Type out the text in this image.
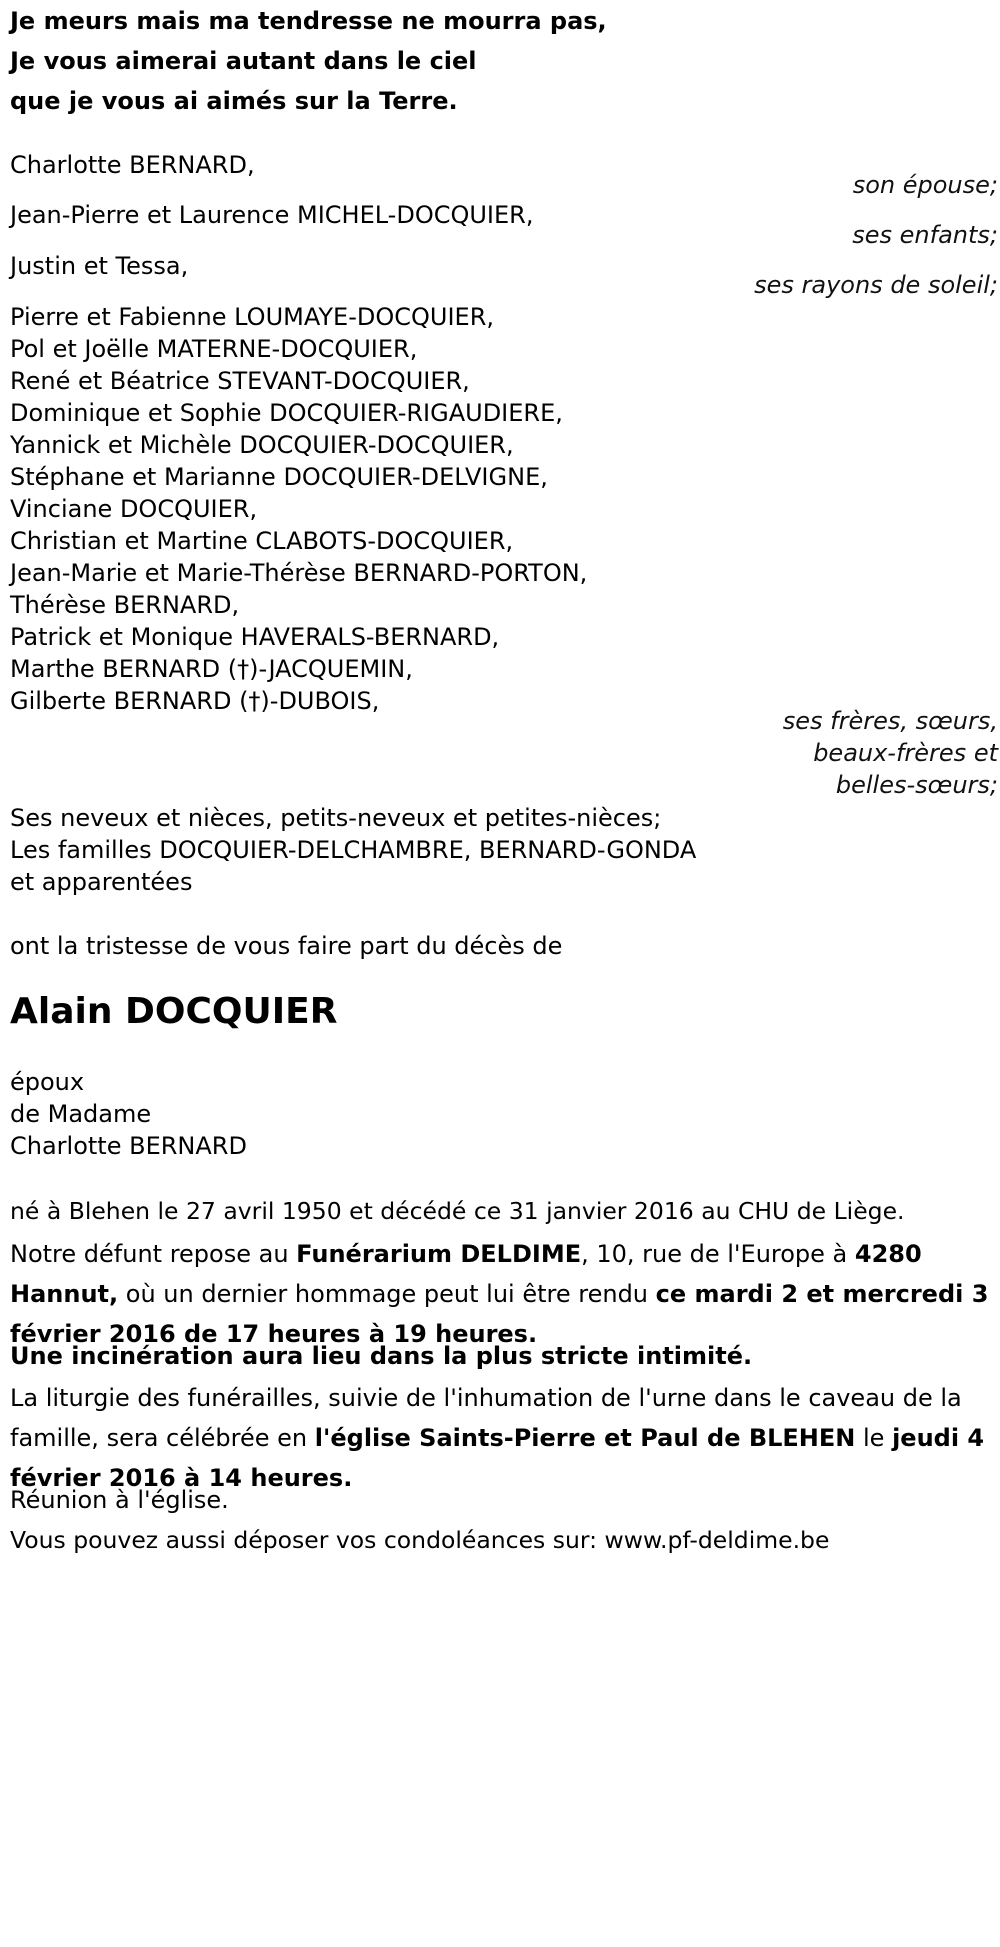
Je meurs mais ma tendresse ne mourra pas,
Je vous aimerai autant dans le ciel
que je vous ai aimés sur la Terre.
Charlotte BERNARD,
son épouse;
Jean-Pierre et Laurence MICHEL-DOCQUIER,
ses enfants;
Justin et Tessa,
ses rayons de soleil;
Pierre et Fabienne LOUMAYE-DOCQUIER,
Pol et Joëlle MATERNE-DOCQUIER,
René et Béatrice STEVANT-DOCQUIER,
Dominique et Sophie DOCQUIER-RIGAUDIERE,
Yannick et Michèle DOCQUIER-DOCQUIER,
Stéphane et Marianne DOCQUIER-DELVIGNE,
Vinciane DOCQUIER,
Christian et Martine CLABOTS-DOCQUIER,
Jean-Marie et Marie-Thérèse BERNARD-PORTON,
Thérèse BERNARD,
Patrick et Monique HAVERALS-BERNARD,
Marthe BERNARD (†)-JACQUEMIN,
Gilberte BERNARD (†)-DUBOIS,
ses frères, sœurs,
beaux-frères et
belles-sœurs;
Ses neveux et nièces, petits-neveux et petites-nièces;
Les familles DOCQUIER-DELCHAMBRE, BERNARD-GONDA
et apparentées
ont la tristesse de vous faire part du décès de
Alain DOCQUIER
époux
de Madame
Charlotte BERNARD
né à Blehen le 27 avril 1950 et décédé ce 31 janvier 2016 au CHU de Liège.
Notre défunt repose au Funérarium DELDIME, 10, rue de l'Europe à 4280 Hannut, où un dernier hommage peut lui être rendu ce mardi 2 et mercredi 3 février 2016 de 17 heures à 19 heures.
Une incinération aura lieu dans la plus stricte intimité.
La liturgie des funérailles, suivie de l'inhumation de l'urne dans le caveau de la famille, sera célébrée en l'église Saints-Pierre et Paul de BLEHEN le jeudi 4 février 2016 à 14 heures.
Réunion à l'église.
Vous pouvez aussi déposer vos condoléances sur: www.pf-deldime.be
